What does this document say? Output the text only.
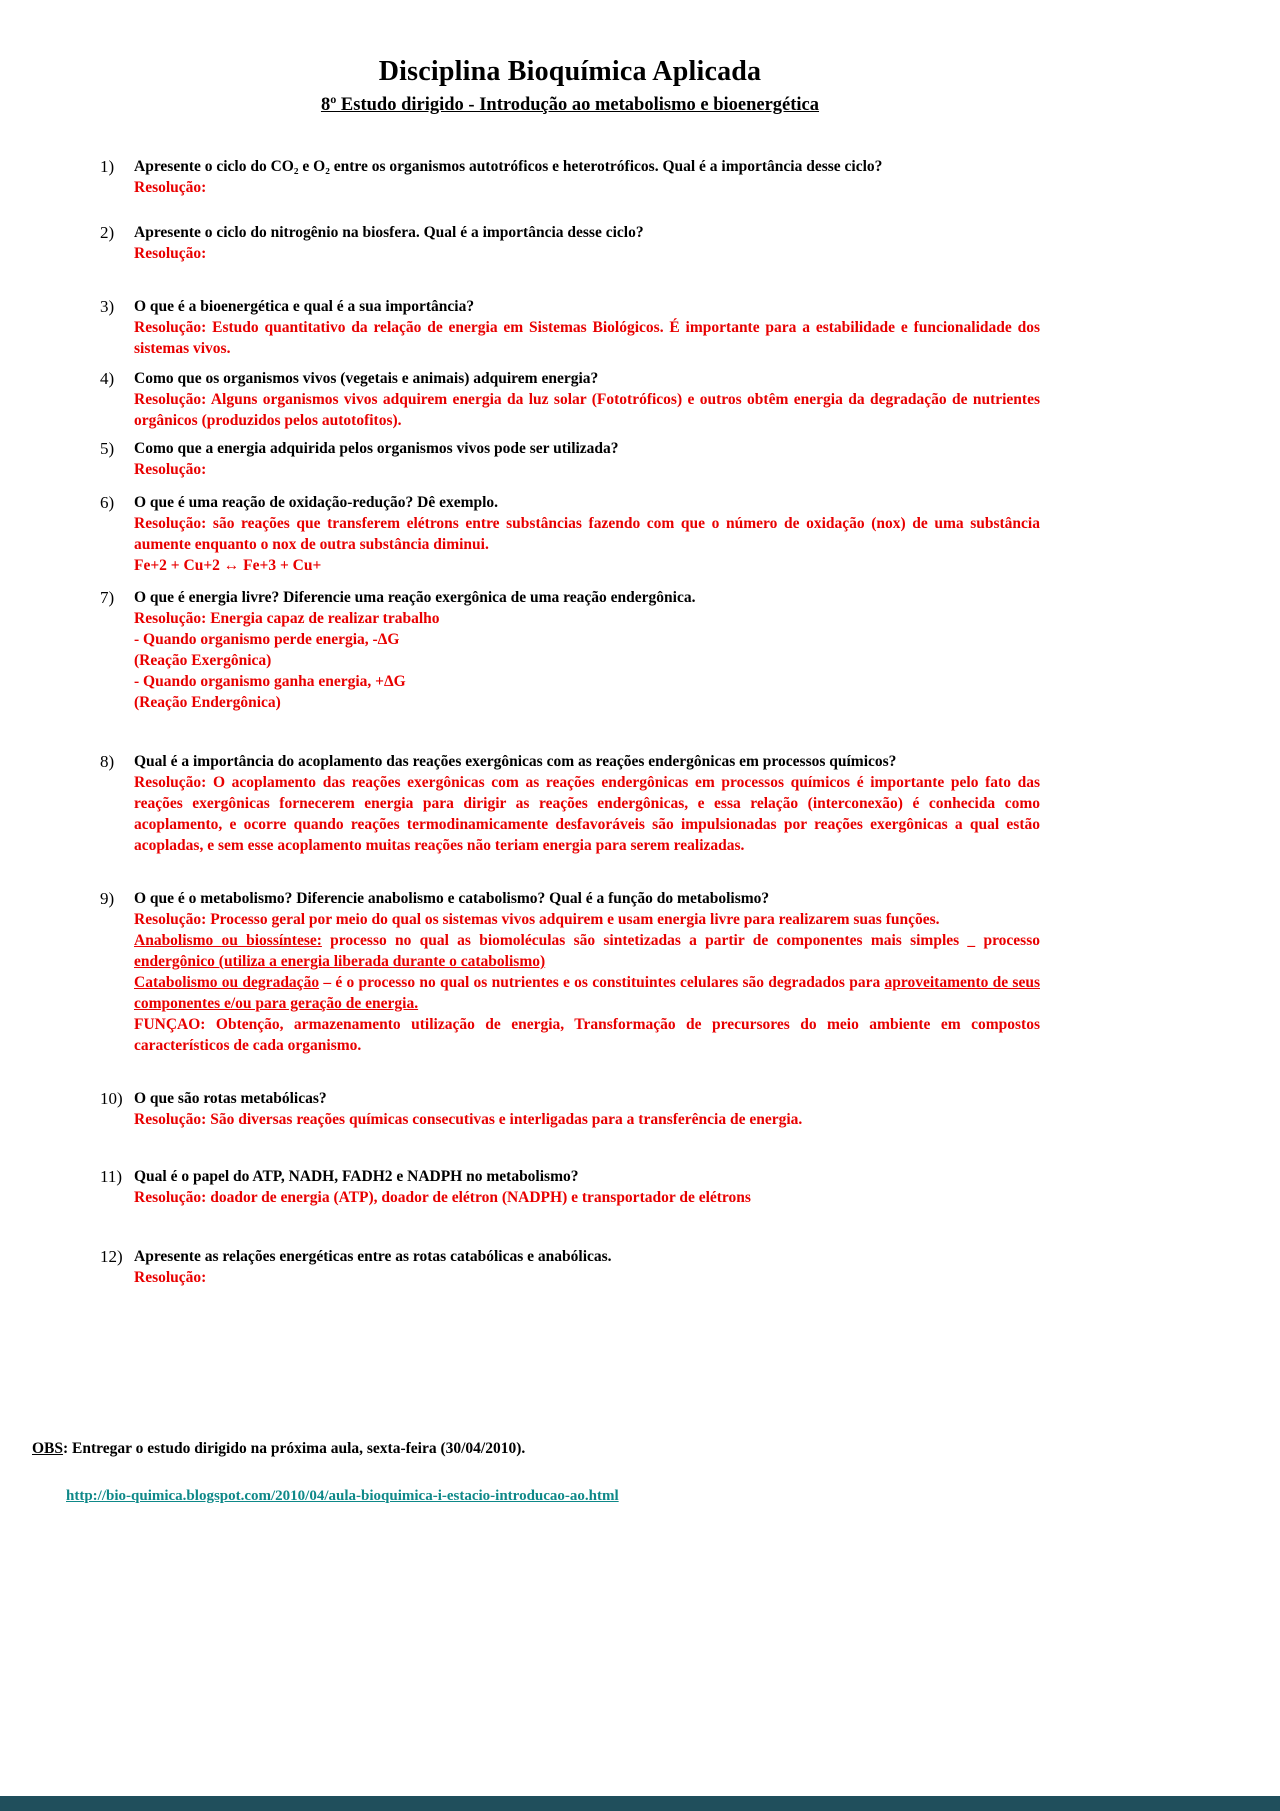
Disciplina Bioquímica Aplicada
8º Estudo dirigido - Introdução ao metabolismo e bioenergética
1)	Apresente o ciclo do CO₂ e O₂ entre os organismos autotróficos e heterotróficos. Qual é a importância desse ciclo?
Resolução:
2)	Apresente o ciclo do nitrogênio na biosfera. Qual é a importância desse ciclo?
Resolução:
3)	O que é a bioenergética e qual é a sua importância?
Resolução: Estudo quantitativo da relação de energia em Sistemas Biológicos. É importante para a estabilidade e funcionalidade dos sistemas vivos.
4)	Como que os organismos vivos (vegetais e animais) adquirem energia?
Resolução: Alguns organismos vivos adquirem energia da luz solar (Fototróficos) e outros obtêm energia da degradação de nutrientes orgânicos (produzidos pelos autotofitos).
5)	Como que a energia adquirida pelos organismos vivos pode ser utilizada?
Resolução:
6)	O que é uma reação de oxidação-redução? Dê exemplo.
Resolução: são reações que transferem elétrons entre substâncias fazendo com que o número de oxidação (nox) de uma substância aumente enquanto o nox de outra substância diminui.
Fe+2 + Cu+2 ↔ Fe+3 + Cu+
7)	O que é energia livre? Diferencie uma reação exergônica de uma reação endergônica.
Resolução: Energia capaz de realizar trabalho
- Quando organismo perde energia, -ΔG
(Reação Exergônica)
- Quando organismo ganha energia, +ΔG
(Reação Endergônica)
8)	Qual é a importância do acoplamento das reações exergônicas com as reações endergônicas em processos químicos?
Resolução: O acoplamento das reações exergônicas com as reações endergônicas em processos químicos é importante pelo fato das reações exergônicas fornecerem energia para dirigir as reações endergônicas, e essa relação (interconexão) é conhecida como acoplamento, e ocorre quando reações termodinamicamente desfavoráveis são impulsionadas por reações exergônicas a qual estão acopladas, e sem esse acoplamento muitas reações não teriam energia para serem realizadas.
9)	O que é o metabolismo? Diferencie anabolismo e catabolismo? Qual é a função do metabolismo?
Resolução: Processo geral por meio do qual os sistemas vivos adquirem e usam energia livre para realizarem suas funções.
Anabolismo ou biossíntese: processo no qual as biomoléculas são sintetizadas a partir de componentes mais simples _ processo endergônico (utiliza a energia liberada durante o catabolismo)
Catabolismo ou degradação – é o processo no qual os nutrientes e os constituintes celulares são degradados para aproveitamento de seus componentes e/ou para geração de energia.
FUNÇAO: Obtenção, armazenamento utilização de energia, Transformação de precursores do meio ambiente em compostos característicos de cada organismo.
10) O que são rotas metabólicas?
Resolução: São diversas reações químicas consecutivas e interligadas para a transferência de energia.
11) Qual é o papel do ATP, NADH, FADH2 e NADPH no metabolismo?
Resolução: doador de energia (ATP), doador de elétron (NADPH) e transportador de elétrons
12) Apresente as relações energéticas entre as rotas catabólicas e anabólicas.
Resolução:
OBS: Entregar o estudo dirigido na próxima aula, sexta-feira (30/04/2010).
http://bio-quimica.blogspot.com/2010/04/aula-bioquimica-i-estacio-introducao-ao.html
